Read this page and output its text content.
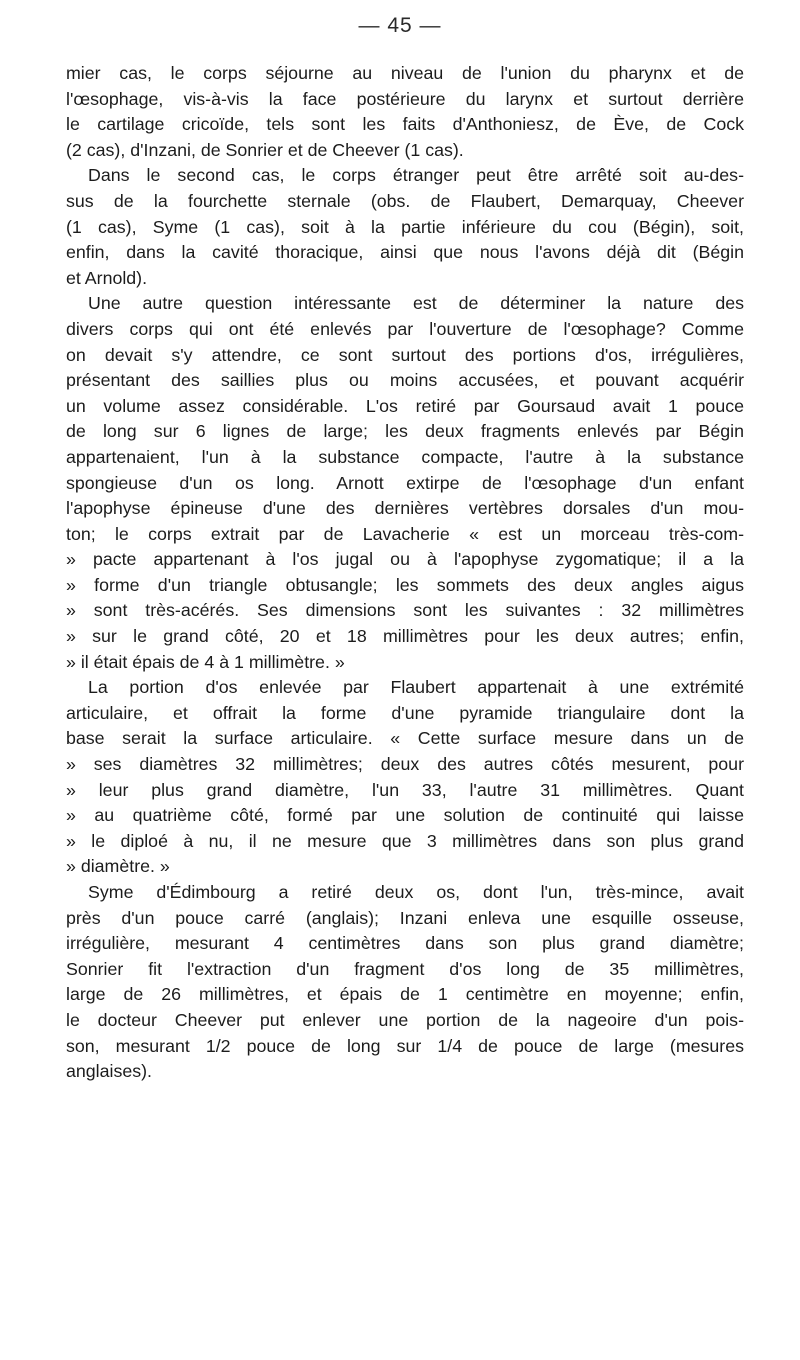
— 45 —
mier cas, le corps séjourne au niveau de l'union du pharynx et de
l'œsophage, vis-à-vis la face postérieure du larynx et surtout derrière
le cartilage cricoïde, tels sont les faits d'Anthoniesz, de Ève, de Cock
(2 cas), d'Inzani, de Sonrier et de Cheever (1 cas).
Dans le second cas, le corps étranger peut être arrêté soit au-des-
sus de la fourchette sternale (obs. de Flaubert, Demarquay, Cheever
(1 cas), Syme (1 cas), soit à la partie inférieure du cou (Bégin), soit,
enfin, dans la cavité thoracique, ainsi que nous l'avons déjà dit (Bégin
et Arnold).
Une autre question intéressante est de déterminer la nature des
divers corps qui ont été enlevés par l'ouverture de l'œsophage? Comme
on devait s'y attendre, ce sont surtout des portions d'os, irrégulières,
présentant des saillies plus ou moins accusées, et pouvant acquérir
un volume assez considérable. L'os retiré par Goursaud avait 1 pouce
de long sur 6 lignes de large; les deux fragments enlevés par Bégin
appartenaient, l'un à la substance compacte, l'autre à la substance
spongieuse d'un os long. Arnott extirpe de l'œsophage d'un enfant
l'apophyse épineuse d'une des dernières vertèbres dorsales d'un mou-
ton; le corps extrait par de Lavacherie « est un morceau très-com-
» pacte appartenant à l'os jugal ou à l'apophyse zygomatique; il a la
» forme d'un triangle obtusangle; les sommets des deux angles aigus
» sont très-acérés. Ses dimensions sont les suivantes : 32 millimètres
» sur le grand côté, 20 et 18 millimètres pour les deux autres; enfin,
» il était épais de 4 à 1 millimètre. »
La portion d'os enlevée par Flaubert appartenait à une extrémité
articulaire, et offrait la forme d'une pyramide triangulaire dont la
base serait la surface articulaire. « Cette surface mesure dans un de
» ses diamètres 32 millimètres; deux des autres côtés mesurent, pour
» leur plus grand diamètre, l'un 33, l'autre 31 millimètres. Quant
» au quatrième côté, formé par une solution de continuité qui laisse
» le diploé à nu, il ne mesure que 3 millimètres dans son plus grand
» diamètre. »
Syme d'Édimbourg a retiré deux os, dont l'un, très-mince, avait
près d'un pouce carré (anglais); Inzani enleva une esquille osseuse,
irrégulière, mesurant 4 centimètres dans son plus grand diamètre;
Sonrier fit l'extraction d'un fragment d'os long de 35 millimètres,
large de 26 millimètres, et épais de 1 centimètre en moyenne; enfin,
le docteur Cheever put enlever une portion de la nageoire d'un pois-
son, mesurant 1/2 pouce de long sur 1/4 de pouce de large (mesures
anglaises).
